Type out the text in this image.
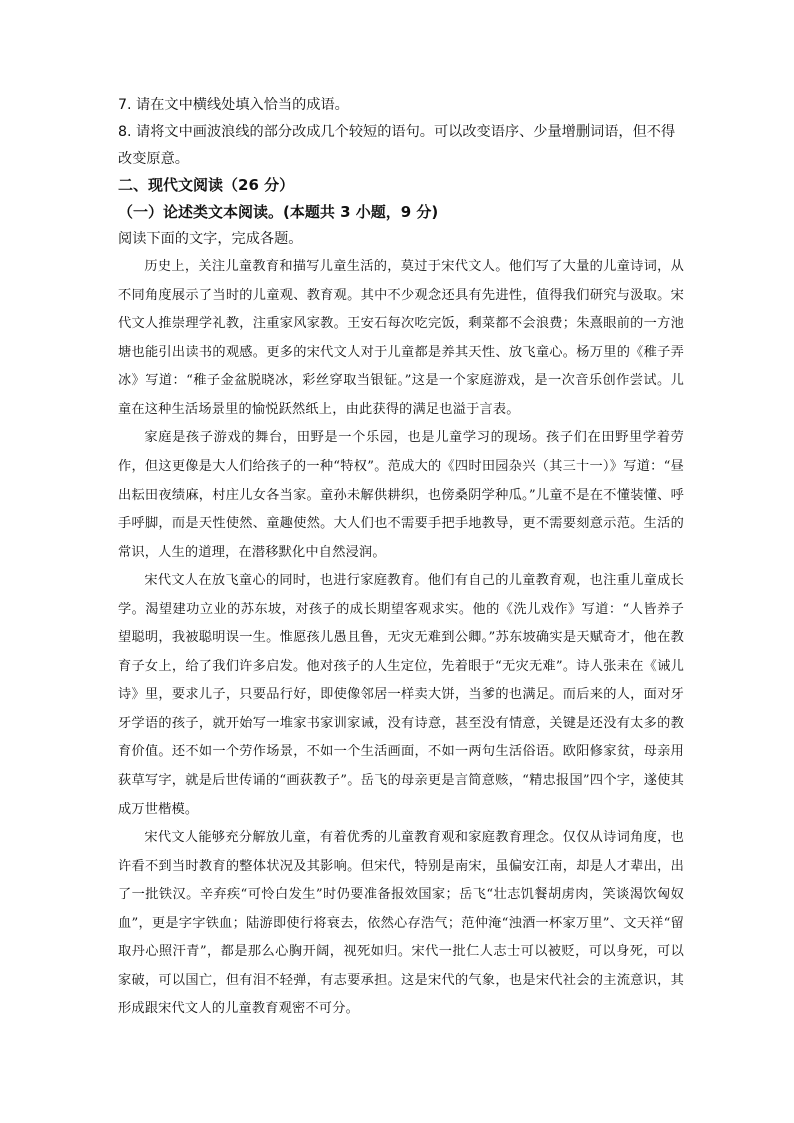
7. 请在文中横线处填入恰当的成语。

8. 请将文中画波浪线的部分改成几个较短的语句。可以改变语序、少量增删词语，但不得改变原意。

二、现代文阅读（26 分）

（一）论述类文本阅读。(本题共 3 小题，9 分)

阅读下面的文字，完成各题。

历史上，关注儿童教育和描写儿童生活的，莫过于宋代文人。他们写了大量的儿童诗词，从不同角度展示了当时的儿童观、教育观。其中不少观念还具有先进性，值得我们研究与汲取。宋代文人推崇理学礼教，注重家风家教。王安石每次吃完饭，剩菜都不会浪费；朱熹眼前的一方池塘也能引出读书的观感。更多的宋代文人对于儿童都是养其天性、放飞童心。杨万里的《稚子弄冰》写道：“稚子金盆脱晓冰，彩丝穿取当银钲。”这是一个家庭游戏，是一次音乐创作尝试。儿童在这种生活场景里的愉悦跃然纸上，由此获得的满足也溢于言表。

家庭是孩子游戏的舞台，田野是一个乐园，也是儿童学习的现场。孩子们在田野里学着劳作，但这更像是大人们给孩子的一种“特权”。范成大的《四时田园杂兴（其三十一）》写道：“昼出耘田夜绩麻，村庄儿女各当家。童孙未解供耕织，也傍桑阴学种瓜。”儿童不是在不懂装懂、呼手呼脚，而是天性使然、童趣使然。大人们也不需要手把手地教导，更不需要刻意示范。生活的常识，人生的道理，在潜移默化中自然浸润。

宋代文人在放飞童心的同时，也进行家庭教育。他们有自己的儿童教育观，也注重儿童成长学。渴望建功立业的苏东坡，对孩子的成长期望客观求实。他的《洗儿戏作》写道：“人皆养子望聪明，我被聪明误一生。惟愿孩儿愚且鲁，无灾无难到公卿。”苏东坡确实是天赋奇才，他在教育子女上，给了我们许多启发。他对孩子的人生定位，先着眼于“无灾无难”。诗人张耒在《诫儿诗》里，要求儿子，只要品行好，即使像邻居一样卖大饼，当爹的也满足。而后来的人，面对牙牙学语的孩子，就开始写一堆家书家训家诫，没有诗意，甚至没有情意，关键是还没有太多的教育价值。还不如一个劳作场景，不如一个生活画面，不如一两句生活俗语。欧阳修家贫，母亲用荻草写字，就是后世传诵的“画荻教子”。岳飞的母亲更是言简意赅，“精忠报国”四个字，遂使其成万世楷模。

宋代文人能够充分解放儿童，有着优秀的儿童教育观和家庭教育理念。仅仅从诗词角度，也许看不到当时教育的整体状况及其影响。但宋代，特别是南宋，虽偏安江南，却是人才辈出，出了一批铁汉。辛弃疾“可怜白发生”时仍要准备报效国家；岳飞“壮志饥餐胡虏肉，笑谈渴饮匈奴血”，更是字字铁血；陆游即使行将衰去，依然心存浩气；范仲淹“浊酒一杯家万里”、文天祥“留取丹心照汗青”，都是那么心胸开阔，视死如归。宋代一批仁人志士可以被贬，可以身死，可以家破，可以国亡，但有泪不轻弹，有志要承担。这是宋代的气象，也是宋代社会的主流意识，其形成跟宋代文人的儿童教育观密不可分。
